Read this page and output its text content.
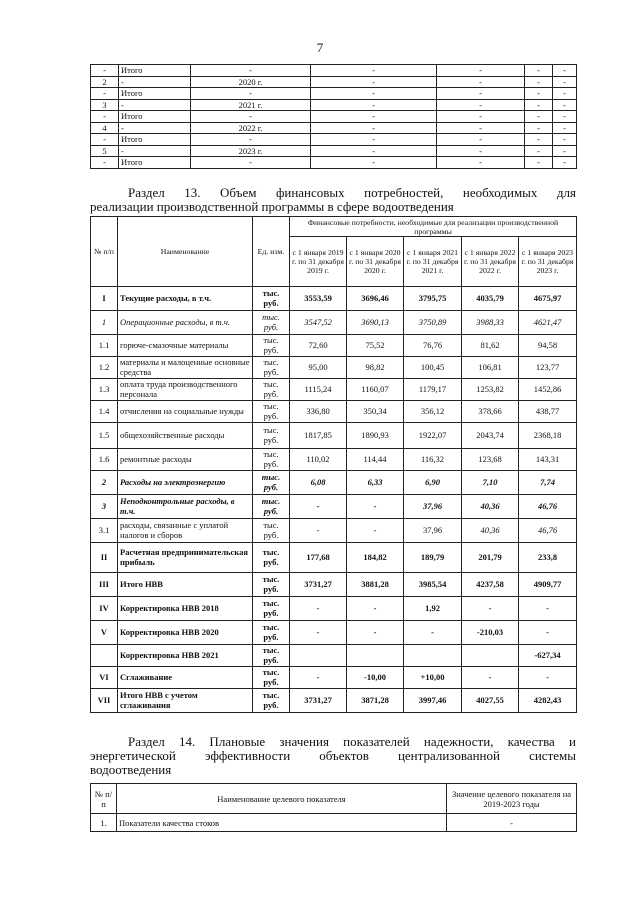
7
-	Итого	-	-	-	-	-
2	-	2020 г.	-	-	-	-
-	Итого	-	-	-	-	-
3	-	2021 г.	-	-	-	-
-	Итого	-	-	-	-	-
4	-	2022 г.	-	-	-	-
-	Итого	-	-	-	-	-
5	-	2023 г.	-	-	-	-
-	Итого	-	-	-	-	-
Раздел 13. Объем финансовых потребностей, необходимых для
реализации производственной программы в сфере водоотведения
№ п/п	Наименование	Ед. изм.	Финансовые потребности, необходимые для реализации производственной программы				
			с 1 января 2019 г. по 31 декабря 2019 г.	с 1 января 2020 г. по 31 декабря 2020 г.	с 1 января 2021 г. по 31 декабря 2021 г.	с 1 января 2022 г. по 31 декабря 2022 г.	с 1 января 2023 г. по 31 декабря 2023 г.
I	Текущие расходы, в т.ч.	тыс. руб.	3553,59	3696,46	3795,75	4035,79	4675,97
1	Операционные расходы, в т.ч.	тыс. руб.	3547,52	3690,13	3750,89	3988,33	4621,47
1.1	горюче-смазочные материалы	тыс. руб.	72,60	75,52	76,76	81,62	94,58
1.2	материалы и малоценные основные средства	тыс. руб.	95,00	98,82	100,45	106,81	123,77
1.3	оплата труда производственного персонала	тыс. руб.	1115,24	1160,07	1179,17	1253,82	1452,86
1.4	отчисления на социальные нужды	тыс. руб.	336,80	350,34	356,12	378,66	438,77
1.5	общехозяйственные расходы	тыс. руб.	1817,85	1890,93	1922,07	2043,74	2368,18
1.6	ремонтные расходы	тыс. руб.	110,02	114,44	116,32	123,68	143,31
2	Расходы на электроэнергию	тыс. руб.	6,08	6,33	6,90	7,10	7,74
3	Неподконтрольные расходы, в т.ч.	тыс. руб.	-	-	37,96	40,36	46,76
3.1	расходы, связанные с уплатой налогов и сборов	тыс. руб.	-	-	37,96	40,36	46,76
II	Расчетная предпринимательская прибыль	тыс. руб.	177,68	184,82	189,79	201,79	233,8
III	Итого НВВ	тыс. руб.	3731,27	3881,28	3985,54	4237,58	4909,77
IV	Корректировка НВВ 2018	тыс. руб.	-	-	1,92	-	-
V	Корректировка НВВ 2020	тыс. руб.	-	-	-	-210,03	-
	Корректировка НВВ 2021	тыс. руб.					-627,34
VI	Сглаживание	тыс. руб.	-	-10,00	+10,00	-	-
VII	Итого НВВ с учетом сглаживания	тыс. руб.	3731,27	3871,28	3997,46	4027,55	4282,43
Раздел 14. Плановые значения показателей надежности, качества и
энергетической эффективности объектов централизованной системы
водоотведения
№ п/п	Наименование целевого показателя	Значение целевого показателя на 2019-2023 годы
1.	Показатели качества стоков	-
